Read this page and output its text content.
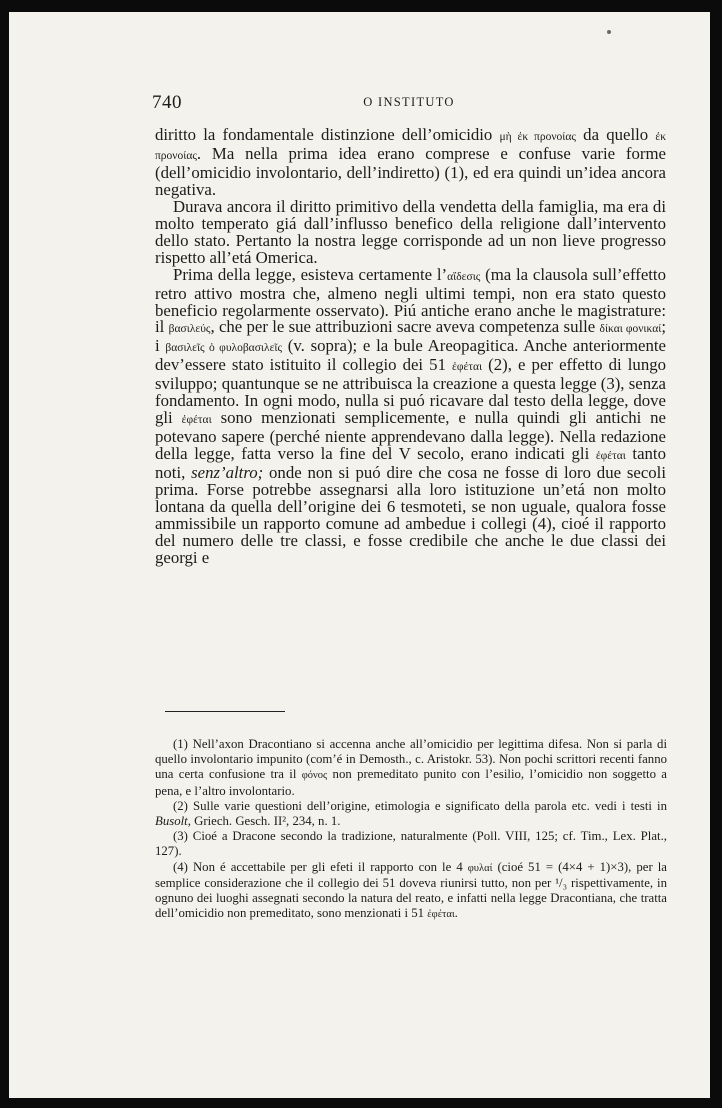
740	O INSTITUTO

diritto la fondamentale distinzione dell’omicidio μὴ ἐκ προνοίας da quello ἐκ προνοίας. Ma nella prima idea erano comprese e confuse varie forme (dell’omicidio involontario, dell’indiretto) (1), ed era quindi un’idea ancora negativa.

Durava ancora il diritto primitivo della vendetta della famiglia, ma era di molto temperato giá dall’influsso benefico della religione dall’intervento dello stato. Pertanto la nostra legge corrisponde ad un non lieve progresso rispetto all’etá Omerica.

Prima della legge, esisteva certamente l’αἴδεσις (ma la clausola sull’effetto retro attivo mostra che, almeno negli ultimi tempi, non era stato questo beneficio regolarmente osservato). Piú antiche erano anche le magistrature: il βασιλεύς, che per le sue attribuzioni sacre aveva competenza sulle δίκαι φονικαί; i βασιλεῖς ὁ φυλοβασιλεῖς (v. sopra); e la bule Areopagitica. Anche anteriormente dev’essere stato istituito il collegio dei 51 ἐφέται (2), e per effetto di lungo sviluppo; quantunque se ne attribuisca la creazione a questa legge (3), senza fondamento. In ogni modo, nulla si puó ricavare dal testo della legge, dove gli ἐφέται sono menzionati semplicemente, e nulla quindi gli antichi ne potevano sapere (perché niente apprendevano dalla legge). Nella redazione della legge, fatta verso la fine del V secolo, erano indicati gli ἐφέται tanto noti, senz’altro; onde non si puó dire che cosa ne fosse di loro due secoli prima. Forse potrebbe assegnarsi alla loro istituzione un’etá non molto lontana da quella dell’origine dei 6 tesmoteti, se non uguale, qualora fosse ammissibile un rapporto comune ad ambedue i collegi (4), cioé il rapporto del numero delle tre classi, e fosse credibile che anche le due classi dei georgi e

(1) Nell’axon Dracontiano si accenna anche all’omicidio per legittima difesa. Non si parla di quello involontario impunito (com’é in Demosth., c. Aristokr. 53). Non pochi scrittori recenti fanno una certa confusione tra il φόνος non premeditato punito con l’esilio, l’omicidio non soggetto a pena, e l’altro involontario.

(2) Sulle varie questioni dell’origine, etimologia e significato della parola etc. vedi i testi in Busolt, Griech. Gesch. II², 234, n. 1.

(3) Cioé a Dracone secondo la tradizione, naturalmente (Poll. VIII, 125; cf. Tim., Lex. Plat., 127).

(4) Non é accettabile per gli efeti il rapporto con le 4 φυλαί (cioé 51 = (4×4 + 1)×3), per la semplice considerazione che il collegio dei 51 doveva riunirsi tutto, non per ¹/₃ rispettivamente, in ognuno dei luoghi assegnati secondo la natura del reato, e infatti nella legge Dracontiana, che tratta dell’omicidio non premeditato, sono menzionati i 51 ἐφέται.
